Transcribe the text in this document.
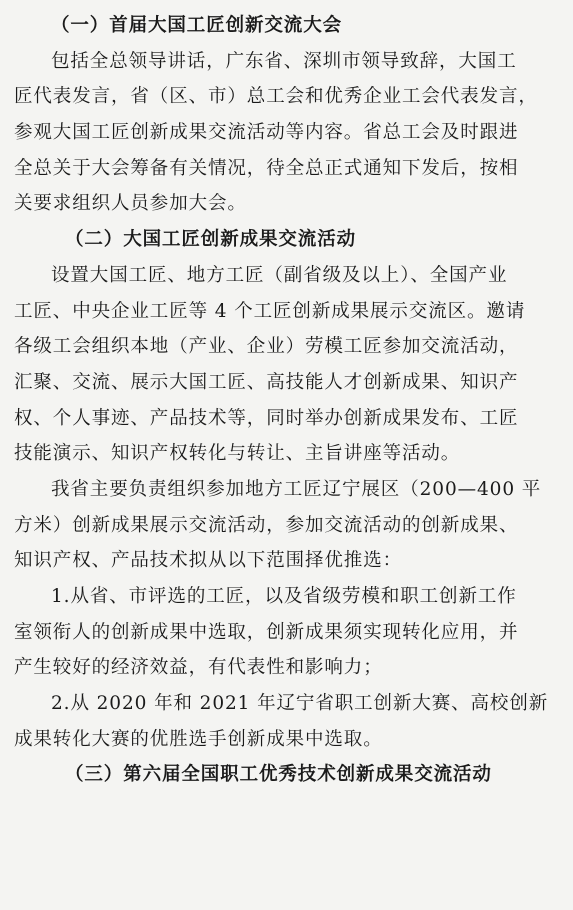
（一）首届大国工匠创新交流大会
包括全总领导讲话，广东省、深圳市领导致辞，大国工
匠代表发言，省（区、市）总工会和优秀企业工会代表发言，
参观大国工匠创新成果交流活动等内容。省总工会及时跟进
全总关于大会筹备有关情况，待全总正式通知下发后，按相
关要求组织人员参加大会。
（二）大国工匠创新成果交流活动
设置大国工匠、地方工匠（副省级及以上）、全国产业
工匠、中央企业工匠等 4 个工匠创新成果展示交流区。邀请
各级工会组织本地（产业、企业）劳模工匠参加交流活动，
汇聚、交流、展示大国工匠、高技能人才创新成果、知识产
权、个人事迹、产品技术等，同时举办创新成果发布、工匠
技能演示、知识产权转化与转让、主旨讲座等活动。
我省主要负责组织参加地方工匠辽宁展区（200—400 平
方米）创新成果展示交流活动，参加交流活动的创新成果、
知识产权、产品技术拟从以下范围择优推选：
1.从省、市评选的工匠，以及省级劳模和职工创新工作
室领衔人的创新成果中选取，创新成果须实现转化应用，并
产生较好的经济效益，有代表性和影响力；
2.从 2020 年和 2021 年辽宁省职工创新大赛、高校创新
成果转化大赛的优胜选手创新成果中选取。
（三）第六届全国职工优秀技术创新成果交流活动
